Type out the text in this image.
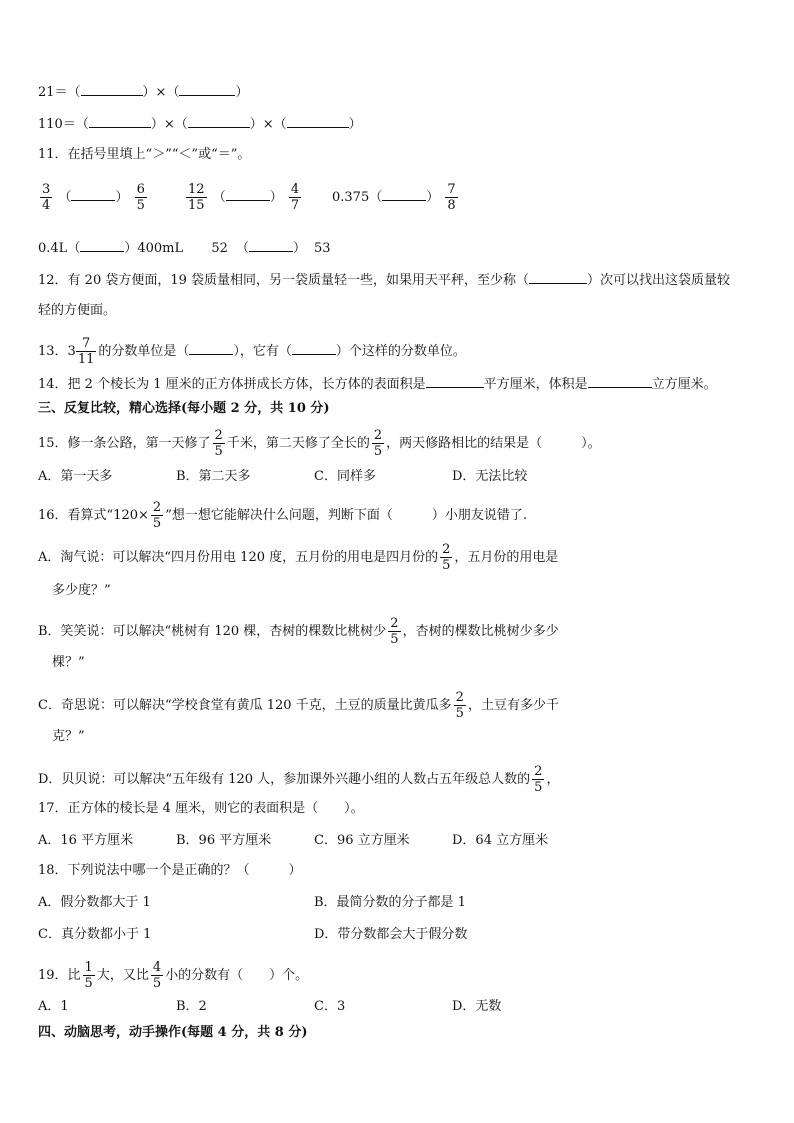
21＝（	）×（	）
110＝（	）×（	）×（	）
11．在括号里填上“＞”“＜”或“＝”。
$\frac{3}{4}$ （	） $\frac{6}{5}$	$\frac{12}{15}$ （	） $\frac{4}{7} 0.375$（	） $\frac{7}{8}$
0.4L（	）400mL 52 （	） 53
12．有 20 袋方便面，19 袋质量相同，另一袋质量轻一些，如果用天平秤，至少称（	）次可以找出这袋质量较
轻的方便面。
13．$3 \frac{7}{11}$ 的分数单位是（	），它有（	）个这样的分数单位。
14．把 2 个棱长为 1 厘米的正方体拼成长方体，长方体的表面积是	平方厘米，体积是	立方厘米。
三、反复比较，精心选择(每小题 2 分，共 10 分)
15．修一条公路，第一天修了 $\frac{2}{5}$ 千米，第二天修了全长的 $\frac{2}{5}$ ，两天修路相比的结果是（　　　）。
A．第一天多	B．第二天多	C．同样多	D．无法比较
16．看算式“$120\times \frac{2}{5}$ ”想一想它能解决什么问题，判断下面（　　　）小朋友说错了.
A．淘气说：可以解决“四月份用电 120 度，五月份的用电是四月份的 $\frac{2}{5}$ ，五月份的用电是
多少度？”
B．笑笑说：可以解决“桃树有 120 棵，杏树的棵数比桃树少 $\frac{2}{5}$ ，杏树的棵数比桃树少多少
棵？”
C．奇思说：可以解决“学校食堂有黄瓜 120 千克，土豆的质量比黄瓜多 $\frac{2}{5}$ ，土豆有多少千
克？”
D．贝贝说：可以解决“五年级有 120 人，参加课外兴趣小组的人数占五年级总人数的 $\frac{2}{5}$ ，
17．正方体的棱长是 4 厘米，则它的表面积是（　　）。
A．16 平方厘米	B．96 平方厘米	C．96 立方厘米	D．64 立方厘米
18．下列说法中哪一个是正确的？（　　　）
A．假分数都大于 1	B．最简分数的分子都是 1
C．真分数都小于 1	D．带分数都会大于假分数
19．比 $\frac{1}{5}$ 大，又比 $\frac{4}{5}$ 小的分数有（　　）个。
A．1	B．2	C．3	D．无数
四、动脑思考，动手操作(每题 4 分，共 8 分)
